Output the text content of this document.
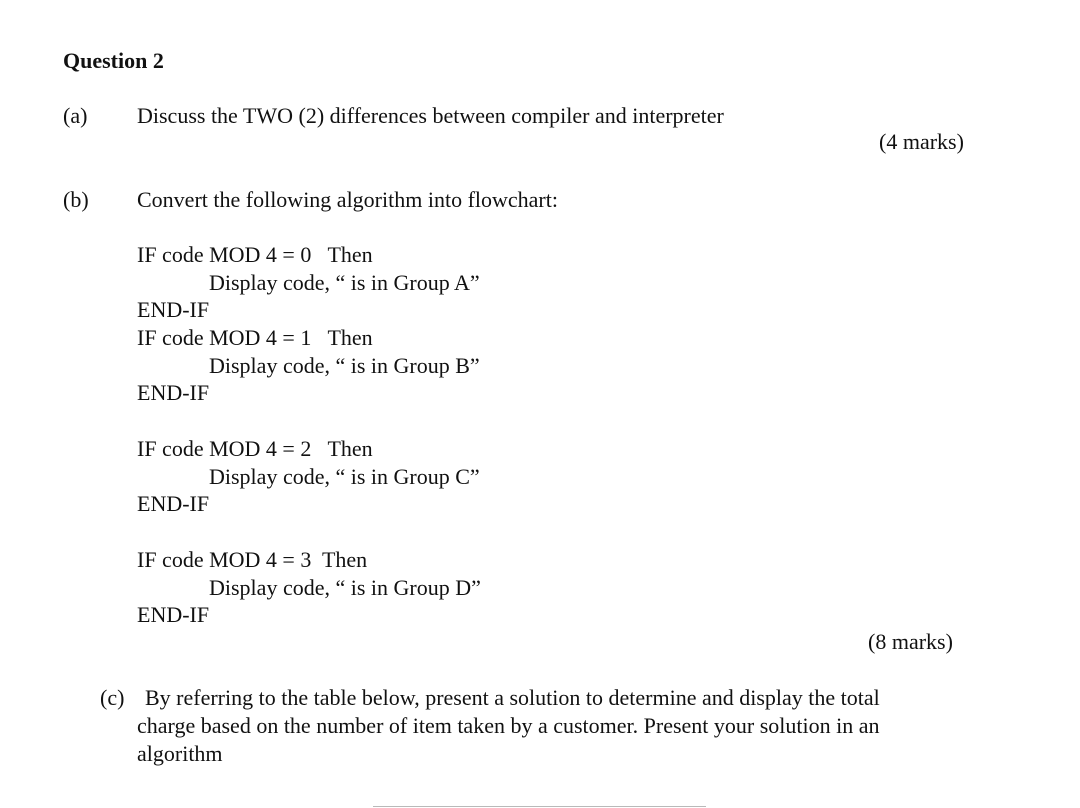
Question 2
(a) Discuss the TWO (2) differences between compiler and interpreter
(4 marks)
(b) Convert the following algorithm into flowchart:
IF code MOD 4 = 0   Then
Display code, “ is in Group A”
END-IF
IF code MOD 4 = 1   Then
Display code, “ is in Group B”
END-IF
IF code MOD 4 = 2   Then
Display code, “ is in Group C”
END-IF
IF code MOD 4 = 3  Then
Display code, “ is in Group D”
END-IF
(8 marks)
(c) By referring to the table below, present a solution to determine and display the total
charge based on the number of item taken by a customer. Present your solution in an
algorithm
